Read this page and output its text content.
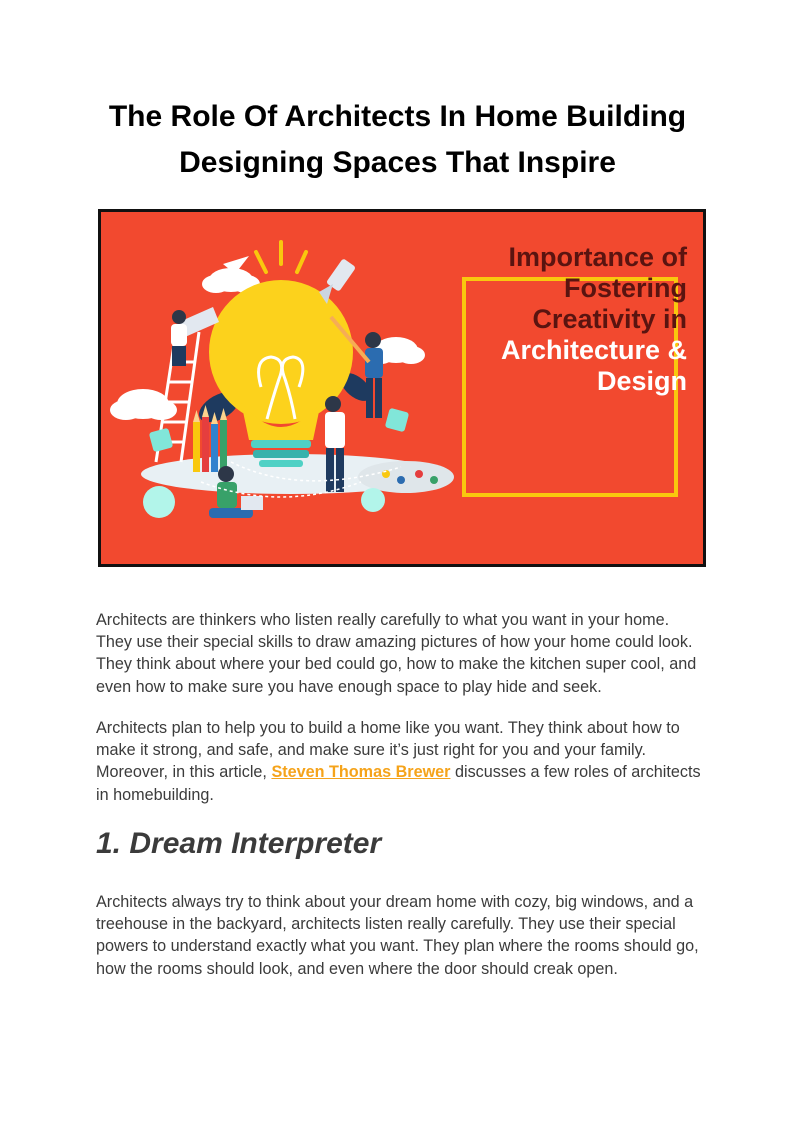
The Role Of Architects In Home Building
Designing Spaces That Inspire
Importance of
Fostering
Creativity in
Architecture &
Design

Architects are thinkers who listen really carefully to what you want in your home. They use their special skills to draw amazing pictures of how your home could look. They think about where your bed could go, how to make the kitchen super cool, and even how to make sure you have enough space to play hide and seek.

Architects plan to help you to build a home like you want. They think about how to make it strong, and safe, and make sure it’s just right for you and your family. Moreover, in this article, Steven Thomas Brewer discusses a few roles of architects in homebuilding.

1. Dream Interpreter

Architects always try to think about your dream home with cozy, big windows, and a treehouse in the backyard, architects listen really carefully. They use their special powers to understand exactly what you want. They plan where the rooms should go, how the rooms should look, and even where the door should creak open.
